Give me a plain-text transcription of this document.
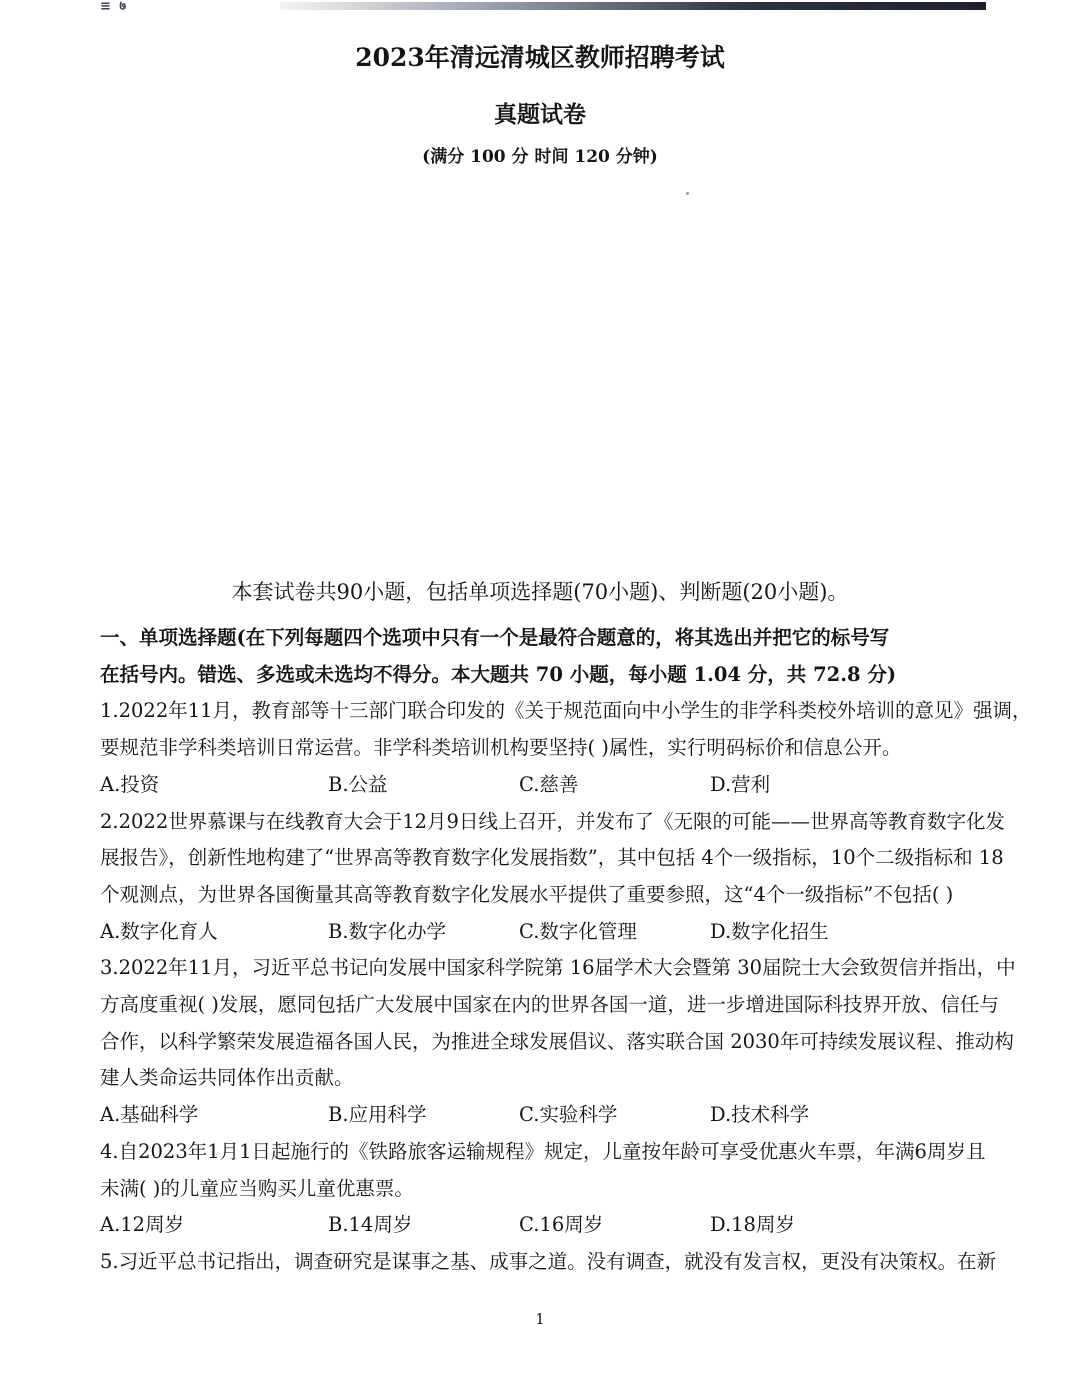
≡ ७
2023年清远清城区教师招聘考试
真题试卷
(满分 100 分 时间 120 分钟)
本套试卷共90小题，包括单项选择题(70小题)、判断题(20小题)。

一、单项选择题(在下列每题四个选项中只有一个是最符合题意的，将其选出并把它的标号写

在括号内。错选、多选或未选均不得分。本大题共 70 小题，每小题 1.04 分，共 72.8 分)

1.2022年11月，教育部等十三部门联合印发的《关于规范面向中小学生的非学科类校外培训的意见》强调，

要规范非学科类培训日常运营。非学科类培训机构要坚持( )属性，实行明码标价和信息公开。

A.投资	B.公益	C.慈善	D.营利

2.2022世界慕课与在线教育大会于12月9日线上召开，并发布了《无限的可能——世界高等教育数字化发

展报告》，创新性地构建了“世界高等教育数字化发展指数”，其中包括 4个一级指标，10个二级指标和 18

个观测点，为世界各国衡量其高等教育数字化发展水平提供了重要参照，这“4个一级指标”不包括( )

A.数字化育人	B.数字化办学	C.数字化管理	D.数字化招生

3.2022年11月，习近平总书记向发展中国家科学院第 16届学术大会暨第 30届院士大会致贺信并指出，中

方高度重视( )发展，愿同包括广大发展中国家在内的世界各国一道，进一步增进国际科技界开放、信任与

合作，以科学繁荣发展造福各国人民，为推进全球发展倡议、落实联合国 2030年可持续发展议程、推动构

建人类命运共同体作出贡献。

A.基础科学	B.应用科学	C.实验科学	D.技术科学

4.自2023年1月1日起施行的《铁路旅客运输规程》规定，儿童按年龄可享受优惠火车票，年满6周岁且

未满( )的儿童应当购买儿童优惠票。

A.12周岁	B.14周岁	C.16周岁	D.18周岁

5.习近平总书记指出，调查研究是谋事之基、成事之道。没有调查，就没有发言权，更没有决策权。在新

1
